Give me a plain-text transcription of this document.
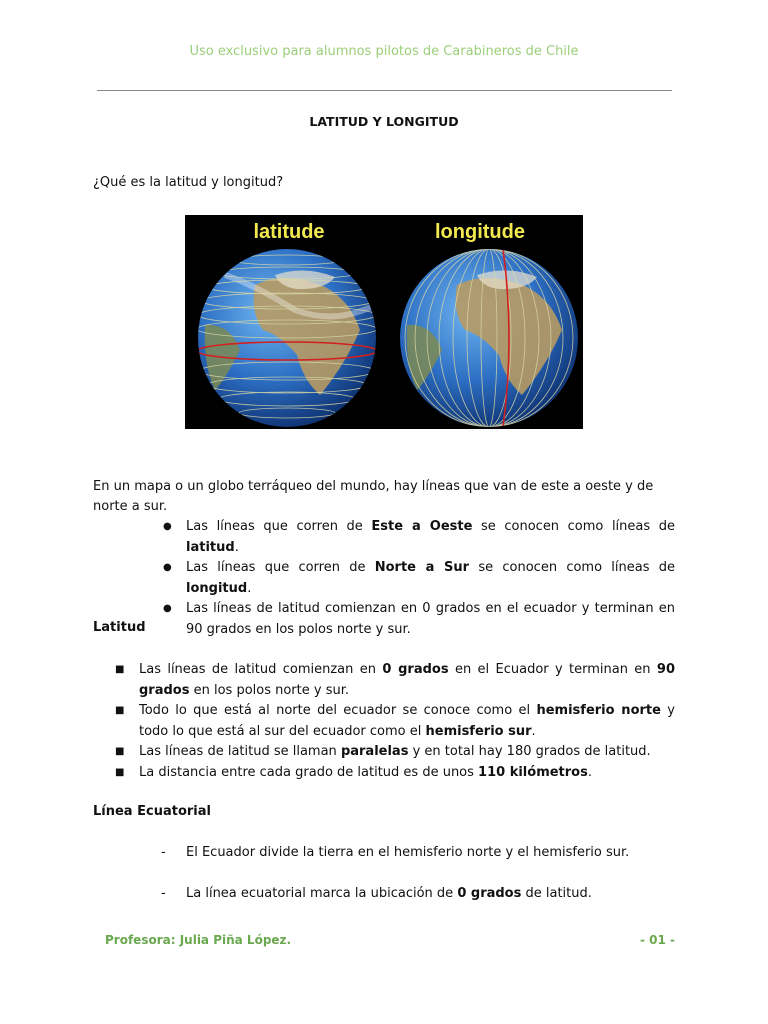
Uso exclusivo para alumnos pilotos de Carabineros de Chile
LATITUD Y LONGITUD
¿Qué es la latitud y longitud?
latitude	longitude
En un mapa o un globo terráqueo del mundo, hay líneas que van de este a oeste y de norte a sur.
● Las líneas que corren de Este a Oeste se conocen como líneas de latitud.
● Las líneas que corren de Norte a Sur se conocen como líneas de longitud.
● Las líneas de latitud comienzan en 0 grados en el ecuador y terminan en 90 grados en los polos norte y sur.
Latitud
■ Las líneas de latitud comienzan en 0 grados en el Ecuador y terminan en 90 grados en los polos norte y sur.
■ Todo lo que está al norte del ecuador se conoce como el hemisferio norte y todo lo que está al sur del ecuador como el hemisferio sur.
■ Las líneas de latitud se llaman paralelas y en total hay 180 grados de latitud.
■ La distancia entre cada grado de latitud es de unos 110 kilómetros.
Línea Ecuatorial
- El Ecuador divide la tierra en el hemisferio norte y el hemisferio sur.
- La línea ecuatorial marca la ubicación de 0 grados de latitud.
Profesora: Julia Piña López.	- 01 -
